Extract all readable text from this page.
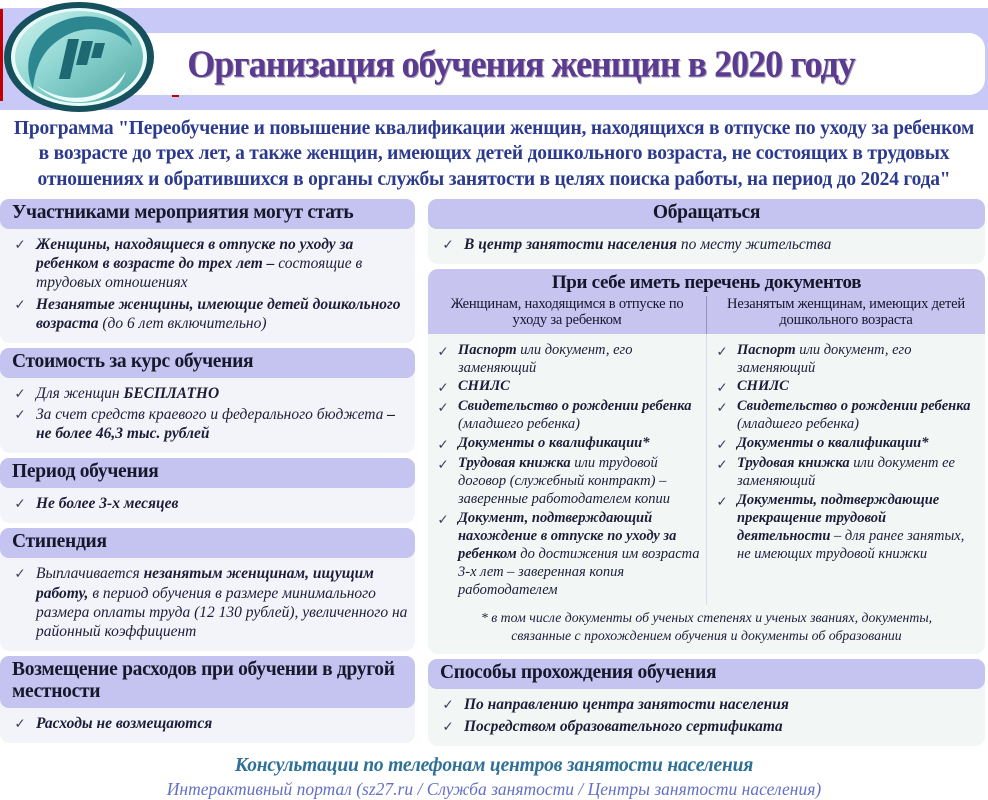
Организация обучения женщин в 2020 году
Программа "Переобучение и повышение квалификации женщин, находящихся в отпуске по уходу за ребенком в возрасте до трех лет, а также женщин, имеющих детей дошкольного возраста, не состоящих в трудовых отношениях и обратившихся в органы службы занятости в целях поиска работы, на период до 2024 года"
Участниками мероприятия могут стать
✓ Женщины, находящиеся в отпуске по уходу за ребенком в возрасте до трех лет – состоящие в трудовых отношениях
✓ Незанятые женщины, имеющие детей дошкольного возраста (до 6 лет включительно)
Стоимость за курс обучения
✓ Для женщин БЕСПЛАТНО
✓ За счет средств краевого и федерального бюджета – не более 46,3 тыс. рублей
Период обучения
✓ Не более 3-х месяцев
Стипендия
✓ Выплачивается незанятым женщинам, ищущим работу, в период обучения в размере минимального размера оплаты труда (12 130 рублей), увеличенного на районный коэффициент
Возмещение расходов при обучении в другой местности
✓ Расходы не возмещаются
Обращаться
✓ В центр занятости населения по месту жительства
При себе иметь перечень документов
Женщинам, находящимся в отпуске по уходу за ребенком
Незанятым женщинам, имеющих детей дошкольного возраста
✓ Паспорт или документ, его заменяющий
✓ СНИЛС
✓ Свидетельство о рождении ребенка (младшего ребенка)
✓ Документы о квалификации*
✓ Трудовая книжка или трудовой договор (служебный контракт) – заверенные работодателем копии
✓ Документ, подтверждающий нахождение в отпуске по уходу за ребенком до достижения им возраста 3-х лет – заверенная копия работодателем
✓ Паспорт или документ, его заменяющий
✓ СНИЛС
✓ Свидетельство о рождении ребенка (младшего ребенка)
✓ Документы о квалификации*
✓ Трудовая книжка или документ ее заменяющий
✓ Документы, подтверждающие прекращение трудовой деятельности – для ранее занятых, не имеющих трудовой книжки
* в том числе документы об ученых степенях и ученых званиях, документы, связанные с прохождением обучения и документы об образовании
Способы прохождения обучения
✓ По направлению центра занятости населения
✓ Посредством образовательного сертификата
Консультации по телефонам центров занятости населения
Интерактивный портал (sz27.ru / Служба занятости / Центры занятости населения)
